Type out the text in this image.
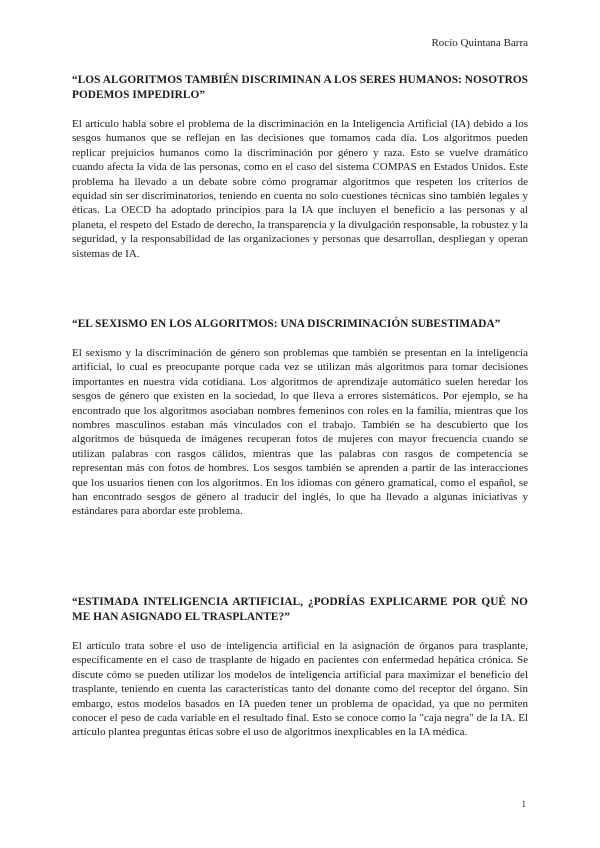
Rocío Quintana Barra

“LOS ALGORITMOS TAMBIÉN DISCRIMINAN A LOS SERES HUMANOS: NOSOTROS PODEMOS IMPEDIRLO”

El artículo habla sobre el problema de la discriminación en la Inteligencia Artificial (IA) debido a los sesgos humanos que se reflejan en las decisiones que tomamos cada día. Los algoritmos pueden replicar prejuicios humanos como la discriminación por género y raza. Esto se vuelve dramático cuando afecta la vida de las personas, como en el caso del sistema COMPAS en Estados Unidos. Este problema ha llevado a un debate sobre cómo programar algoritmos que respeten los criterios de equidad sin ser discriminatorios, teniendo en cuenta no solo cuestiones técnicas sino también legales y éticas. La OECD ha adoptado principios para la IA que incluyen el beneficio a las personas y al planeta, el respeto del Estado de derecho, la transparencia y la divulgación responsable, la robustez y la seguridad, y la responsabilidad de las organizaciones y personas que desarrollan, despliegan y operan sistemas de IA.

“EL SEXISMO EN LOS ALGORITMOS: UNA DISCRIMINACIÓN SUBESTIMADA”

El sexismo y la discriminación de género son problemas que también se presentan en la inteligencia artificial, lo cual es preocupante porque cada vez se utilizan más algoritmos para tomar decisiones importantes en nuestra vida cotidiana. Los algoritmos de aprendizaje automático suelen heredar los sesgos de género que existen en la sociedad, lo que lleva a errores sistemáticos. Por ejemplo, se ha encontrado que los algoritmos asociaban nombres femeninos con roles en la familia, mientras que los nombres masculinos estaban más vinculados con el trabajo. También se ha descubierto que los algoritmos de búsqueda de imágenes recuperan fotos de mujeres con mayor frecuencia cuando se utilizan palabras con rasgos cálidos, mientras que las palabras con rasgos de competencia se representan más con fotos de hombres. Los sesgos también se aprenden a partir de las interacciones que los usuarios tienen con los algoritmos. En los idiomas con género gramatical, como el español, se han encontrado sesgos de género al traducir del inglés, lo que ha llevado a algunas iniciativas y estándares para abordar este problema.

“ESTIMADA INTELIGENCIA ARTIFICIAL, ¿PODRÍAS EXPLICARME POR QUÉ NO ME HAN ASIGNADO EL TRASPLANTE?”

El artículo trata sobre el uso de inteligencia artificial en la asignación de órganos para trasplante, específicamente en el caso de trasplante de hígado en pacientes con enfermedad hepática crónica. Se discute cómo se pueden utilizar los modelos de inteligencia artificial para maximizar el beneficio del trasplante, teniendo en cuenta las características tanto del donante como del receptor del órgano. Sin embargo, estos modelos basados en IA pueden tener un problema de opacidad, ya que no permiten conocer el peso de cada variable en el resultado final. Esto se conoce como la "caja negra" de la IA. El artículo plantea preguntas éticas sobre el uso de algoritmos inexplicables en la IA médica.

1
